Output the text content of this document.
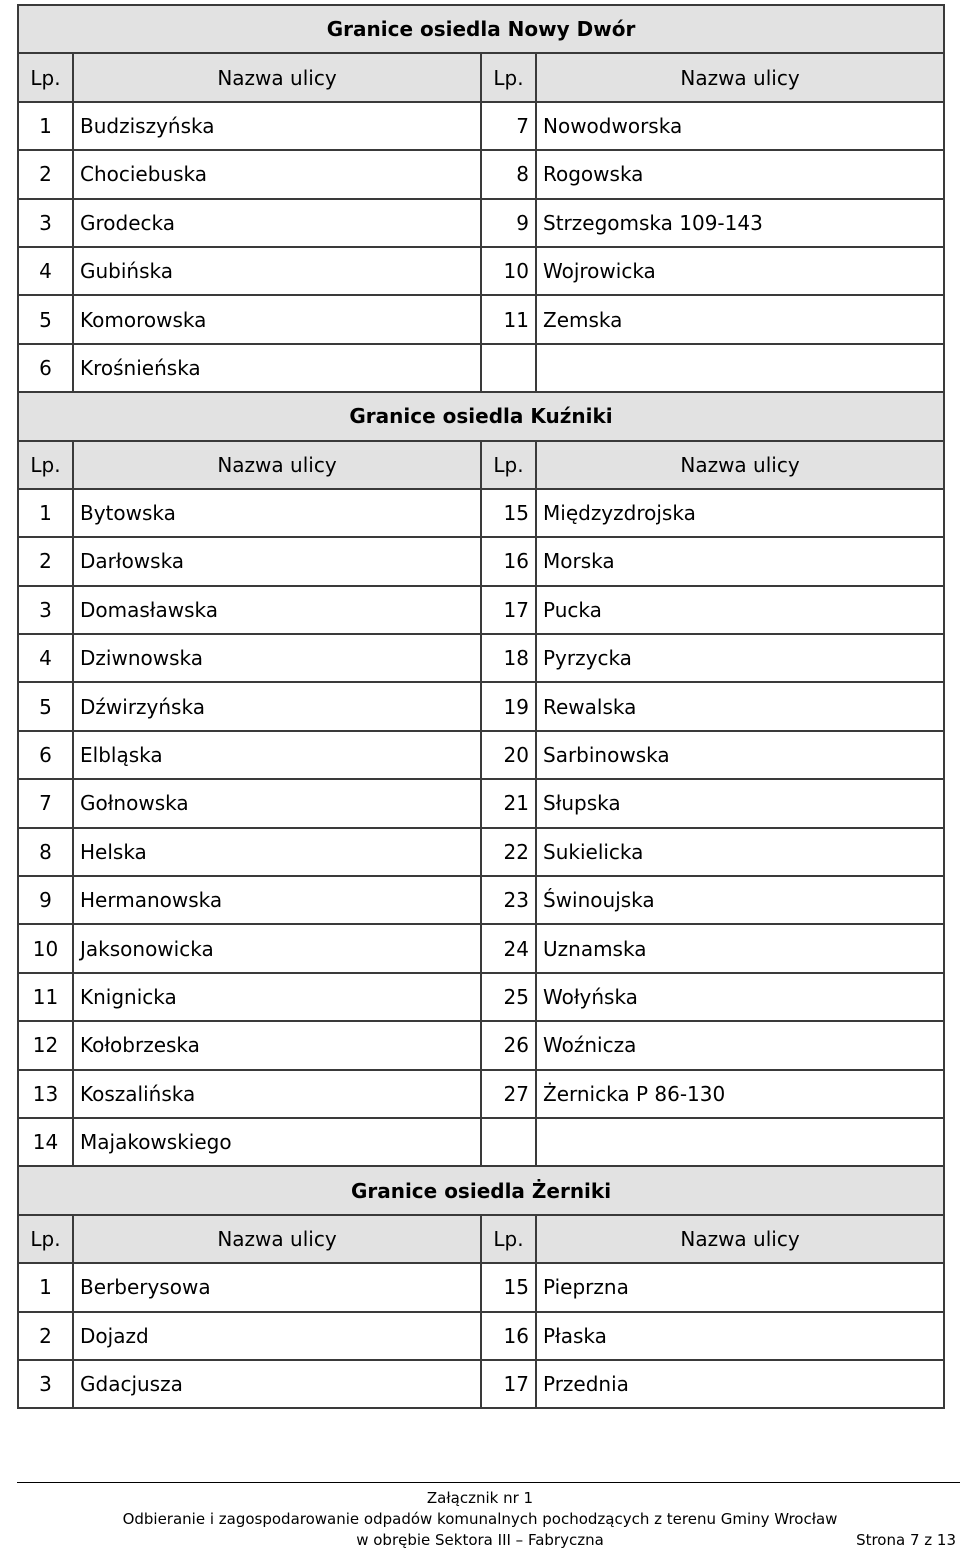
Granice osiedla Nowy Dwór			
Lp.	Nazwa ulicy	Lp.	Nazwa ulicy
1	Budziszyńska	7	Nowodworska
2	Chociebuska	8	Rogowska
3	Grodecka	9	Strzegomska 109-143
4	Gubińska	10	Wojrowicka
5	Komorowska	11	Zemska
6	Krośnieńska		
Granice osiedla Kuźniki			
Lp.	Nazwa ulicy	Lp.	Nazwa ulicy
1	Bytowska	15	Międzyzdrojska
2	Darłowska	16	Morska
3	Domasławska	17	Pucka
4	Dziwnowska	18	Pyrzycka
5	Dźwirzyńska	19	Rewalska
6	Elbląska	20	Sarbinowska
7	Gołnowska	21	Słupska
8	Helska	22	Sukielicka
9	Hermanowska	23	Świnoujska
10	Jaksonowicka	24	Uznamska
11	Knignicka	25	Wołyńska
12	Kołobrzeska	26	Woźnicza
13	Koszalińska	27	Żernicka P 86-130
14	Majakowskiego		
Granice osiedla Żerniki			
Lp.	Nazwa ulicy	Lp.	Nazwa ulicy
1	Berberysowa	15	Pieprzna
2	Dojazd	16	Płaska
3	Gdacjusza	17	Przednia
Załącznik nr 1
Odbieranie i zagospodarowanie odpadów komunalnych pochodzących z terenu Gminy Wrocław
w obrębie Sektora III – Fabryczna	Strona 7 z 13
